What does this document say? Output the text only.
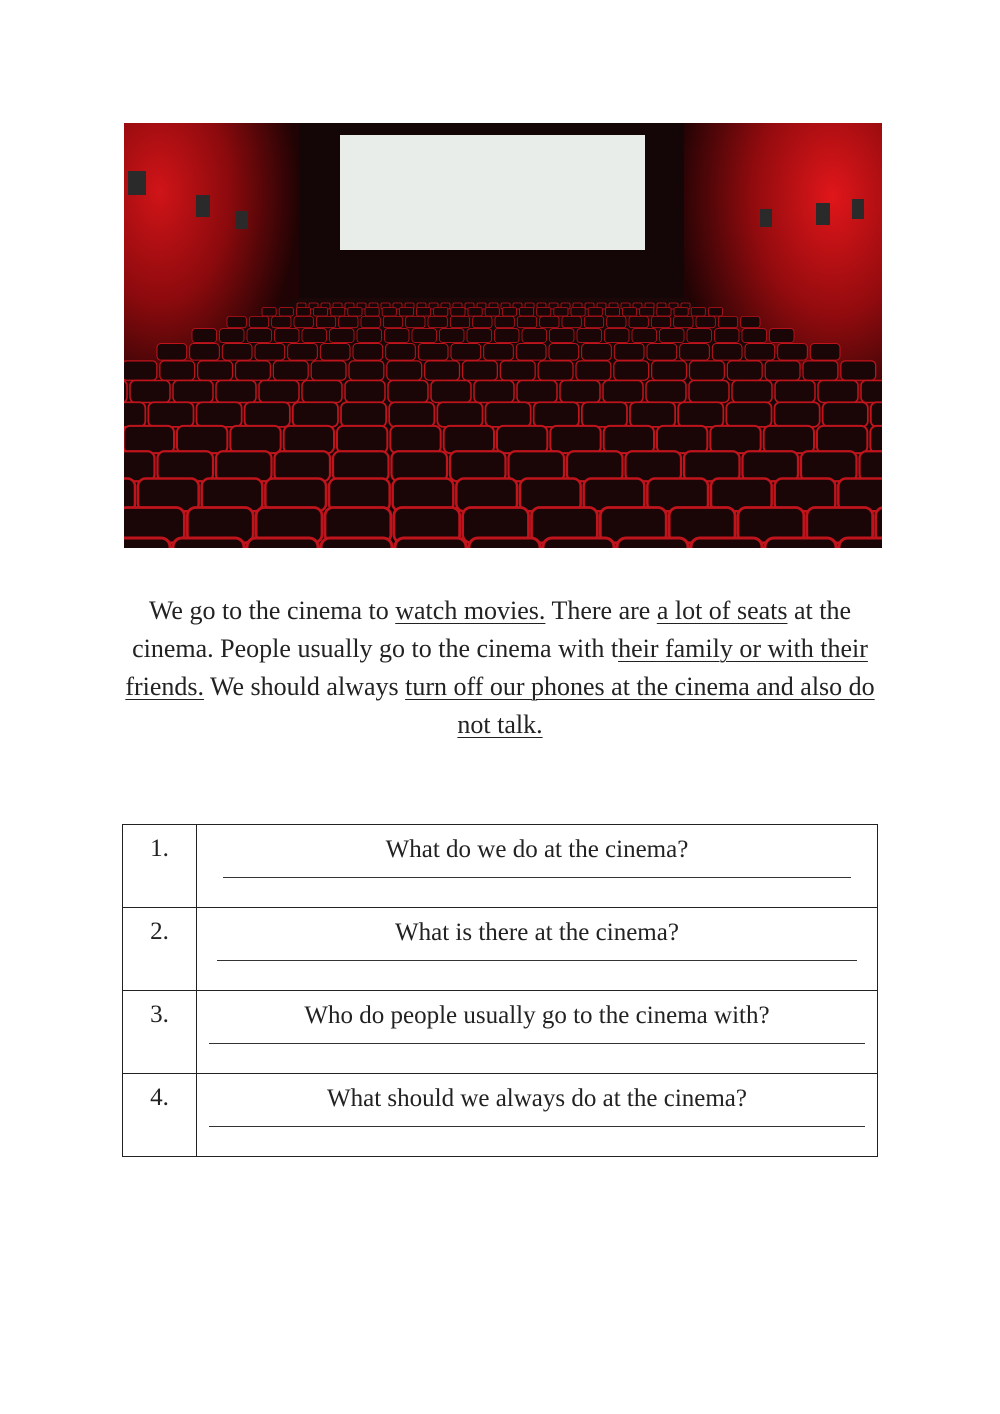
We go to the cinema to watch movies. There are a lot of seats at the cinema. People usually go to the cinema with their family or with their friends. We should always turn off our phones at the cinema and also do not talk.

1.	What do we do at the cinema?

2.	What is there at the cinema?

3.	Who do people usually go to the cinema with?

4.	What should we always do at the cinema?
